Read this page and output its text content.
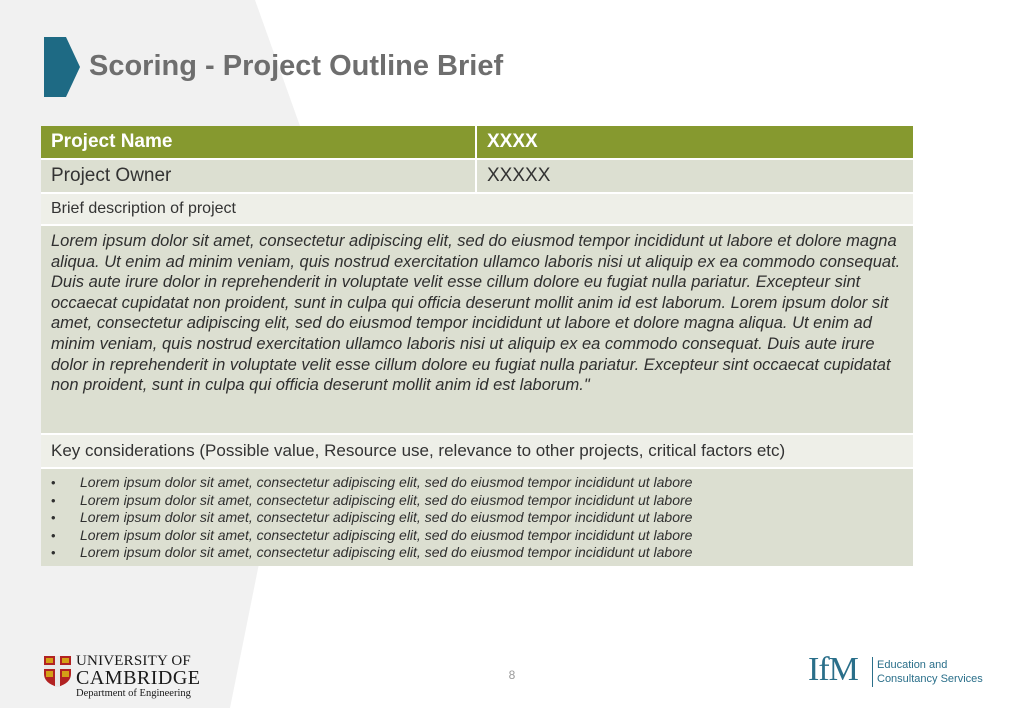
Scoring - Project Outline Brief
Project Name	XXXX
Project Owner	XXXXX
Brief description of project
Lorem ipsum dolor sit amet, consectetur adipiscing elit, sed do eiusmod tempor incididunt ut labore et dolore magna aliqua. Ut enim ad minim veniam, quis nostrud exercitation ullamco laboris nisi ut aliquip ex ea commodo consequat. Duis aute irure dolor in reprehenderit in voluptate velit esse cillum dolore eu fugiat nulla pariatur. Excepteur sint occaecat cupidatat non proident, sunt in culpa qui officia deserunt mollit anim id est laborum. Lorem ipsum dolor sit amet, consectetur adipiscing elit, sed do eiusmod tempor incididunt ut labore et dolore magna aliqua. Ut enim ad minim veniam, quis nostrud exercitation ullamco laboris nisi ut aliquip ex ea commodo consequat. Duis aute irure dolor in reprehenderit in voluptate velit esse cillum dolore eu fugiat nulla pariatur. Excepteur sint occaecat cupidatat non proident, sunt in culpa qui officia deserunt mollit anim id est laborum."
Key considerations (Possible value, Resource use, relevance to other projects, critical factors etc)
•	Lorem ipsum dolor sit amet, consectetur adipiscing elit, sed do eiusmod tempor incididunt ut labore
•	Lorem ipsum dolor sit amet, consectetur adipiscing elit, sed do eiusmod tempor incididunt ut labore
•	Lorem ipsum dolor sit amet, consectetur adipiscing elit, sed do eiusmod tempor incididunt ut labore
•	Lorem ipsum dolor sit amet, consectetur adipiscing elit, sed do eiusmod tempor incididunt ut labore
•	Lorem ipsum dolor sit amet, consectetur adipiscing elit, sed do eiusmod tempor incididunt ut labore
UNIVERSITY OF
CAMBRIDGE
Department of Engineering
8	IfM Education and
Consultancy Services
